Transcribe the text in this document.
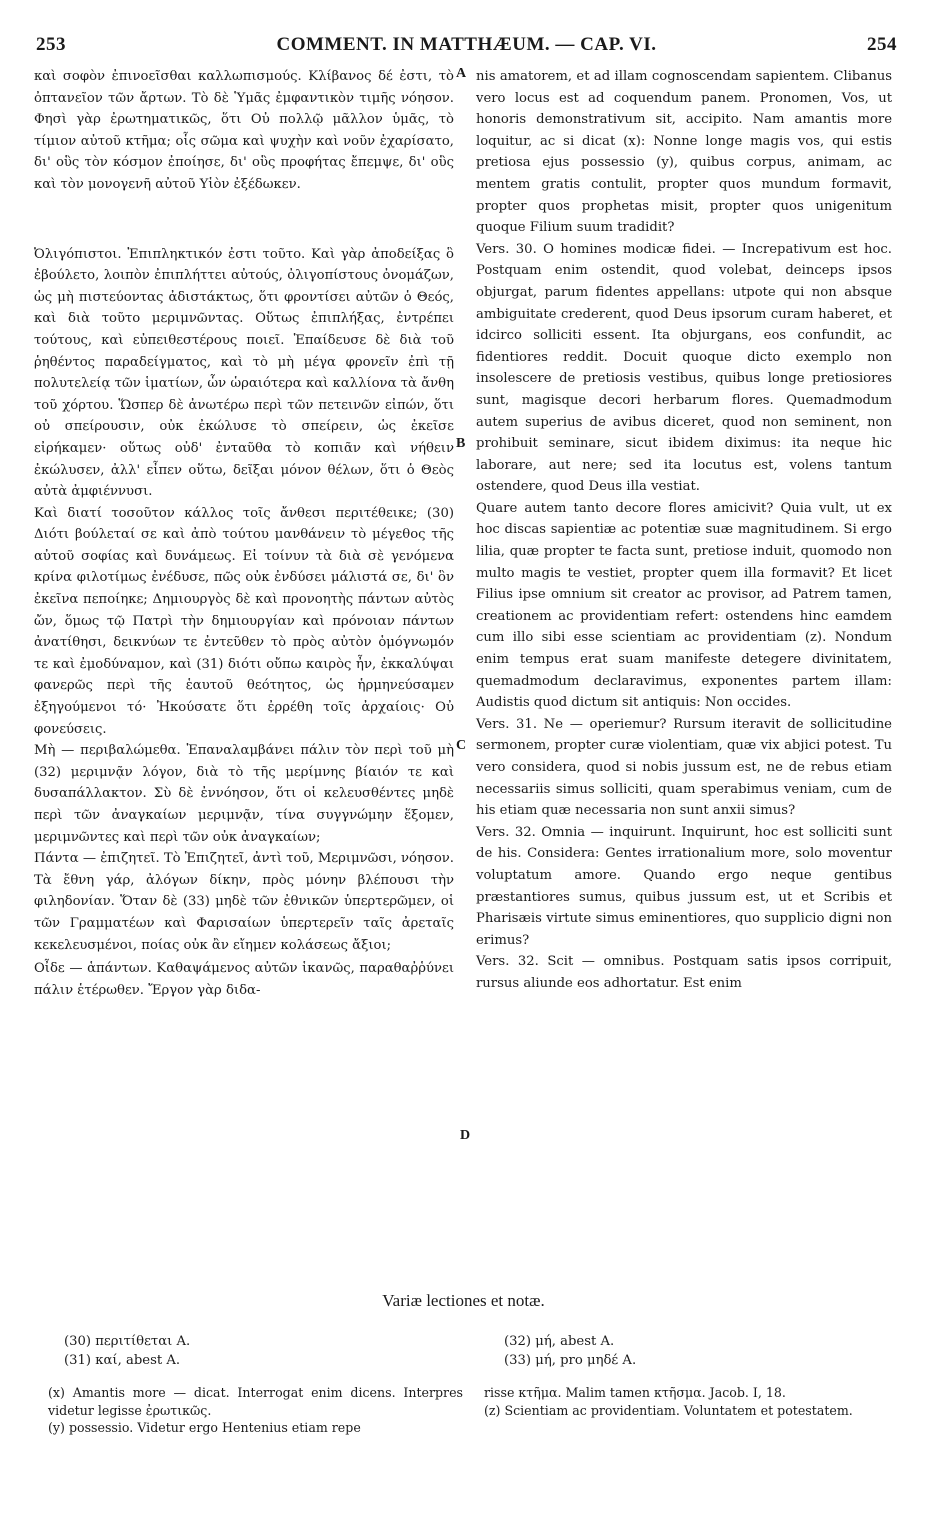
253	COMMENT. IN MATTHÆUM. — CAP. VI.	254
A
B
C
D

καὶ σοφὸν ἐπινοεῖσθαι καλλωπισμούς. Κλίβανος δέ ἐστι, τὸ ὀπτανεῖον τῶν ἄρτων. Τὸ δὲ Ὑμᾶς ἐμφαντικὸν τιμῆς νόησον. Φησὶ γὰρ ἐρωτηματικῶς, ὅτι Οὐ πολλῷ μᾶλλον ὑμᾶς, τὸ τίμιον αὐτοῦ κτῆμα; οἷς σῶμα καὶ ψυχὴν καὶ νοῦν ἐχαρίσατο, δι' οὓς τὸν κόσμον ἐποίησε, δι' οὓς προφήτας ἔπεμψε, δι' οὓς καὶ τὸν μονογενῆ αὐτοῦ Υἱὸν ἐξέδωκεν.

Ὀλιγόπιστοι. Ἐπιπληκτικόν ἐστι τοῦτο. Καὶ γὰρ ἀποδείξας ὃ ἐβούλετο, λοιπὸν ἐπιπλήττει αὐτούς, ὀλιγοπίστους ὀνομάζων, ὡς μὴ πιστεύοντας ἀδιστάκτως, ὅτι φροντίσει αὐτῶν ὁ Θεός, καὶ διὰ τοῦτο μεριμνῶντας. Οὕτως ἐπιπλήξας, ἐντρέπει τούτους, καὶ εὐπειθεστέρους ποιεῖ. Ἐπαίδευσε δὲ διὰ τοῦ ῥηθέντος παραδείγματος, καὶ τὸ μὴ μέγα φρονεῖν ἐπὶ τῇ πολυτελείᾳ τῶν ἱματίων, ὧν ὡραιότερα καὶ καλλίονα τὰ ἄνθη τοῦ χόρτου. Ὥσπερ δὲ ἀνωτέρω περὶ τῶν πετεινῶν εἰπών, ὅτι οὐ σπείρουσιν, οὐκ ἐκώλυσε τὸ σπείρειν, ὡς ἐκεῖσε εἰρήκαμεν· οὕτως οὐδ' ἐνταῦθα τὸ κοπιᾶν καὶ νήθειν ἐκώλυσεν, ἀλλ' εἶπεν οὕτω, δεῖξαι μόνον θέλων, ὅτι ὁ Θεὸς αὐτὰ ἀμφιέννυσι.

Καὶ διατί τοσοῦτον κάλλος τοῖς ἄνθεσι περιτέθεικε; (30) Διότι βούλεταί σε καὶ ἀπὸ τούτου μανθάνειν τὸ μέγεθος τῆς αὐτοῦ σοφίας καὶ δυνάμεως. Εἰ τοίνυν τὰ διὰ σὲ γενόμενα κρίνα φιλοτίμως ἐνέδυσε, πῶς οὐκ ἐνδύσει μάλιστά σε, δι' ὃν ἐκεῖνα πεποίηκε; Δημιουργὸς δὲ καὶ προνοητὴς πάντων αὐτὸς ὤν, ὅμως τῷ Πατρὶ τὴν δημιουργίαν καὶ πρόνοιαν πάντων ἀνατίθησι, δεικνύων τε ἐντεῦθεν τὸ πρὸς αὐτὸν ὁμόγνωμόν τε καὶ ἐμοδύναμον, καὶ (31) διότι οὔπω καιρὸς ἦν, ἐκκαλύψαι φανερῶς περὶ τῆς ἑαυτοῦ θεότητος, ὡς ἡρμηνεύσαμεν ἐξηγούμενοι τό· Ἠκούσατε ὅτι ἐρρέθη τοῖς ἀρχαίοις· Οὐ φονεύσεις.

Μὴ — περιβαλώμεθα. Ἐπαναλαμβάνει πάλιν τὸν περὶ τοῦ μὴ (32) μεριμνᾷν λόγον, διὰ τὸ τῆς μερίμνης βίαιόν τε καὶ δυσαπάλλακτον. Σὺ δὲ ἐννόησον, ὅτι οἱ κελευσθέντες μηδὲ περὶ τῶν ἀναγκαίων μεριμνᾷν, τίνα συγγνώμην ἕξομεν, μεριμνῶντες καὶ περὶ τῶν οὐκ ἀναγκαίων;

Πάντα — ἐπιζητεῖ. Τὸ Ἐπιζητεῖ, ἀντὶ τοῦ, Μεριμνῶσι, νόησον. Τὰ ἔθνη γάρ, ἀλόγων δίκην, πρὸς μόνην βλέπουσι τὴν φιληδονίαν. Ὅταν δὲ (33) μηδὲ τῶν ἐθνικῶν ὑπερτερῶμεν, οἱ τῶν Γραμματέων καὶ Φαρισαίων ὑπερτερεῖν ταῖς ἀρεταῖς κεκελευσμένοι, ποίας οὐκ ἂν εἴημεν κολάσεως ἄξιοι;

Οἶδε — ἁπάντων. Καθαψάμενος αὐτῶν ἱκανῶς, παραθαῤῥύνει πάλιν ἑτέρωθεν. Ἔργον γὰρ διδα-

nis amatorem, et ad illam cognoscendam sapientem. Clibanus vero locus est ad coquendum panem. Pronomen, Vos, ut honoris demonstrativum sit, accipito. Nam amantis more loquitur, ac si dicat (x): Nonne longe magis vos, qui estis pretiosa ejus possessio (y), quibus corpus, animam, ac mentem gratis contulit, propter quos mundum formavit, propter quos prophetas misit, propter quos unigenitum quoque Filium suum tradidit?

Vers. 30. O homines modicæ fidei. — Increpativum est hoc. Postquam enim ostendit, quod volebat, deinceps ipsos objurgat, parum fidentes appellans: utpote qui non absque ambiguitate crederent, quod Deus ipsorum curam haberet, et idcirco solliciti essent. Ita objurgans, eos confundit, ac fidentiores reddit. Docuit quoque dicto exemplo non insolescere de pretiosis vestibus, quibus longe pretiosiores sunt, magisque decori herbarum flores. Quemadmodum autem superius de avibus diceret, quod non seminent, non prohibuit seminare, sicut ibidem diximus: ita neque hic laborare, aut nere; sed ita locutus est, volens tantum ostendere, quod Deus illa vestiat.

Quare autem tanto decore flores amicivit? Quia vult, ut ex hoc discas sapientiæ ac potentiæ suæ magnitudinem. Si ergo lilia, quæ propter te facta sunt, pretiose induit, quomodo non multo magis te vestiet, propter quem illa formavit? Et licet Filius ipse omnium sit creator ac provisor, ad Patrem tamen, creationem ac providentiam refert: ostendens hinc eamdem cum illo sibi esse scientiam ac providentiam (z). Nondum enim tempus erat suam manifeste detegere divinitatem, quemadmodum declaravimus, exponentes partem illam: Audistis quod dictum sit antiquis: Non occides.

Vers. 31. Ne — operiemur? Rursum iteravit de sollicitudine sermonem, propter curæ violentiam, quæ vix abjici potest. Tu vero considera, quod si nobis jussum est, ne de rebus etiam necessariis simus solliciti, quam sperabimus veniam, cum de his etiam quæ necessaria non sunt anxii simus?

Vers. 32. Omnia — inquirunt. Inquirunt, hoc est solliciti sunt de his. Considera: Gentes irrationalium more, solo moventur voluptatum amore. Quando ergo neque gentibus præstantiores sumus, quibus jussum est, ut et Scribis et Pharisæis virtute simus eminentiores, quo supplicio digni non erimus?

Vers. 32. Scit — omnibus. Postquam satis ipsos corripuit, rursus aliunde eos adhortatur. Est enim

Variæ lectiones et notæ.
(30) περιτίθεται A.
(31) καί, abest A.
(32) μή, abest A.
(33) μή, pro μηδέ A.

(x) Amantis more — dicat. Interrogat enim dicens. Interpres videtur legisse ἐρωτικῶς.

(y) possessio. Videtur ergo Hentenius etiam repe

risse κτῆμα. Malim tamen κτῆσμα. Jacob. I, 18.

(z) Scientiam ac providentiam. Voluntatem et potestatem.
